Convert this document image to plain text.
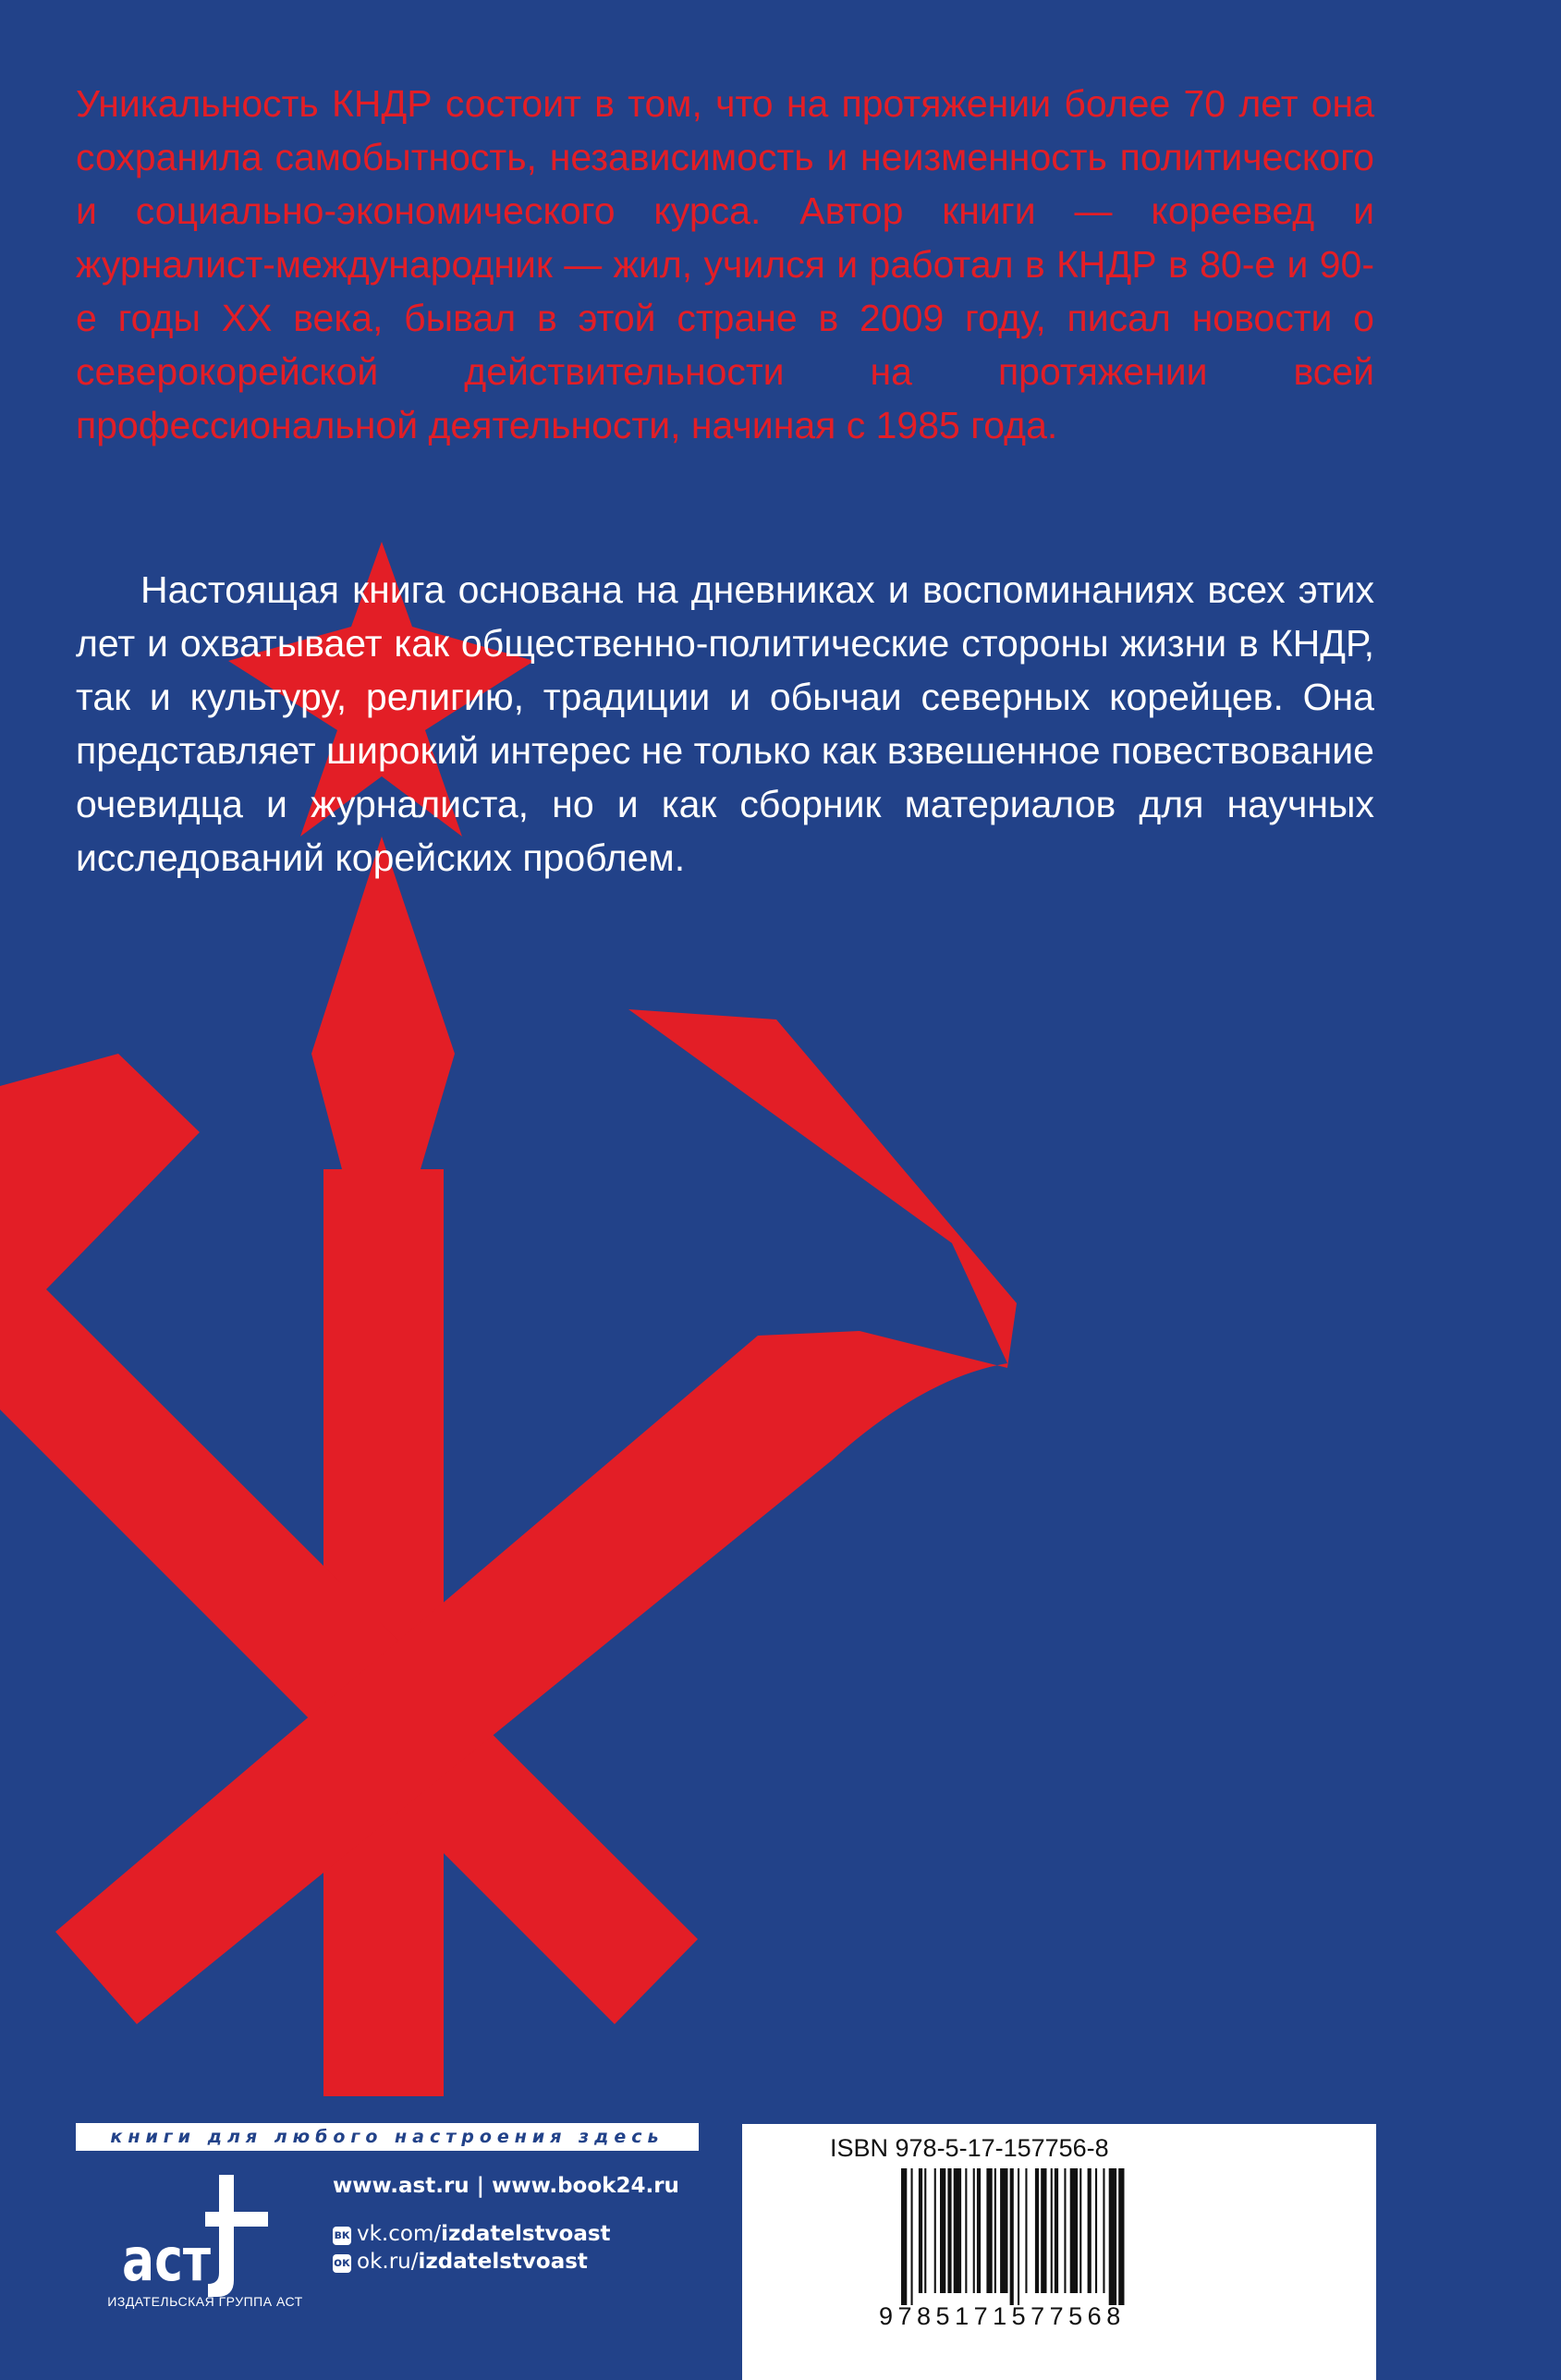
Уникальность КНДР состоит в том, что на протяжении более 70 лет она сохранила самобытность, независимость и неизменность политического и социально-экономического курса. Автор книги — кореевед и журналист-международник — жил, учился и работал в КНДР в 80-е и 90-е годы XX века, бывал в этой стране в 2009 году, писал новости о северокорейской действительности на протяжении всей профессиональной деятельности, начиная с 1985 года.

Настоящая книга основана на дневниках и воспоминаниях всех этих лет и охватывает как общественно-политические стороны жизни в КНДР, так и культуру, религию, традиции и обычаи северных корейцев. Она представляет широкий интерес не только как взвешенное повествование очевидца и журналиста, но и как сборник материалов для научных исследований корейских проблем.

книги для любого настроения здесь
аст
ИЗДАТЕЛЬСКАЯ ГРУППА АСТ
www.ast.ru | www.book24.ru
вк vk.com/izdatelstvoast
ок ok.ru/izdatelstvoast
ISBN 978-5-17-157756-8
9785171577568
